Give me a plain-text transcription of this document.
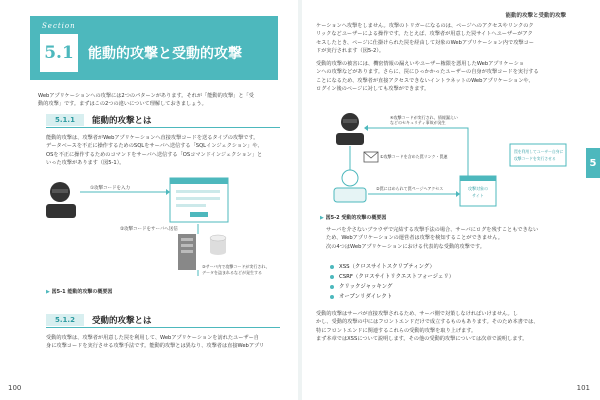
Section
5.1	能動的攻撃と受動的攻撃
Webアプリケーションへの攻撃には2つのパターンがあります。それが「能動的攻撃」と「受
動的攻撃」です。まずはこの2つの違いについて理解しておきましょう。
5.1.1	能動的攻撃とは
能動的攻撃は、攻撃者がWebアプリケーションへ直接攻撃コードを送るタイプの攻撃です。
データベースを不正に操作するためのSQLをサーバへ送信する「SQLインジェクション」や、
OSを不正に操作するためのコマンドをサーバへ送信する「OSコマンドインジェクション」と
いった攻撃があります（図5-1）。
①攻撃コードを入力
②攻撃コードをサーバへ送信
③サーバ内で攻撃コードが実行され、
データを盗まれるなどが発生する
▶ 図5-1 能動的攻撃の概要図
5.1.2	受動的攻撃とは
受動的攻撃は、攻撃者が用意した罠を利用して、Webアプリケーションを訪れたユーザー自
身に攻撃コードを実行させる攻撃手法です。能動的攻撃とは異なり、攻撃者は直接Webアプリ
100
能動的攻撃と受動的攻撃
ケーションへ攻撃をしません。攻撃のトリガーになるのは、ページへのアクセスやリンクのク
リックなどユーザーによる操作です。たとえば、攻撃者が用意した罠サイトへユーザーがアク
セスしたとき、ページに仕掛けられた罠を経由して対象のWebアプリケーション内で攻撃コー
ドが実行されます（図5-2）。
受動的攻撃の被害には、機密情報の漏えいやユーザー権限を悪用したWebアプリケーショ
ンへの攻撃などがあります。さらに、罠にひっかかったユーザーの自身が攻撃コードを実行する
ことになるため、攻撃者が直接アクセスできないイントラネットのWebアプリケーションや、
ログイン後のページに対しても攻撃ができます。
④攻撃コードが実行され、情報漏えい
などのセキュリティ事故が発生
①攻撃コードを含めた罠リンク・罠連
②罠にはめられて罠ページへアクセス	攻撃対象の
サイト
罠を利用してユーザー自身に
攻撃コードを実行させる
▶ 図5-2 受動的攻撃の概要図
サーバを介さないブラウザで完結する攻撃手法の場合、サーバにログを残すこともできない
ため、Webアプリケーションの運営者は攻撃を検知することができません。
次の4つはWebアプリケーションにおける代表的な受動的攻撃です。
XSS（クロスサイトスクリプティング）
CSRF（クロスサイトリクエストフォージェリ）
クリックジャッキング
オープンリダイレクト
受動的攻撃はサーバが直接攻撃されるため、サーバ側で対策しなければいけません。し
かし、受動的攻撃の中にはフロントエンドだけで成立するものもあります。そのため本書では、
特にフロントエンドに関連するこれらの受動的攻撃を取り上げます。
まず本章ではXSSについて説明します。その他の受動的攻撃については次章で説明します。
5
101
